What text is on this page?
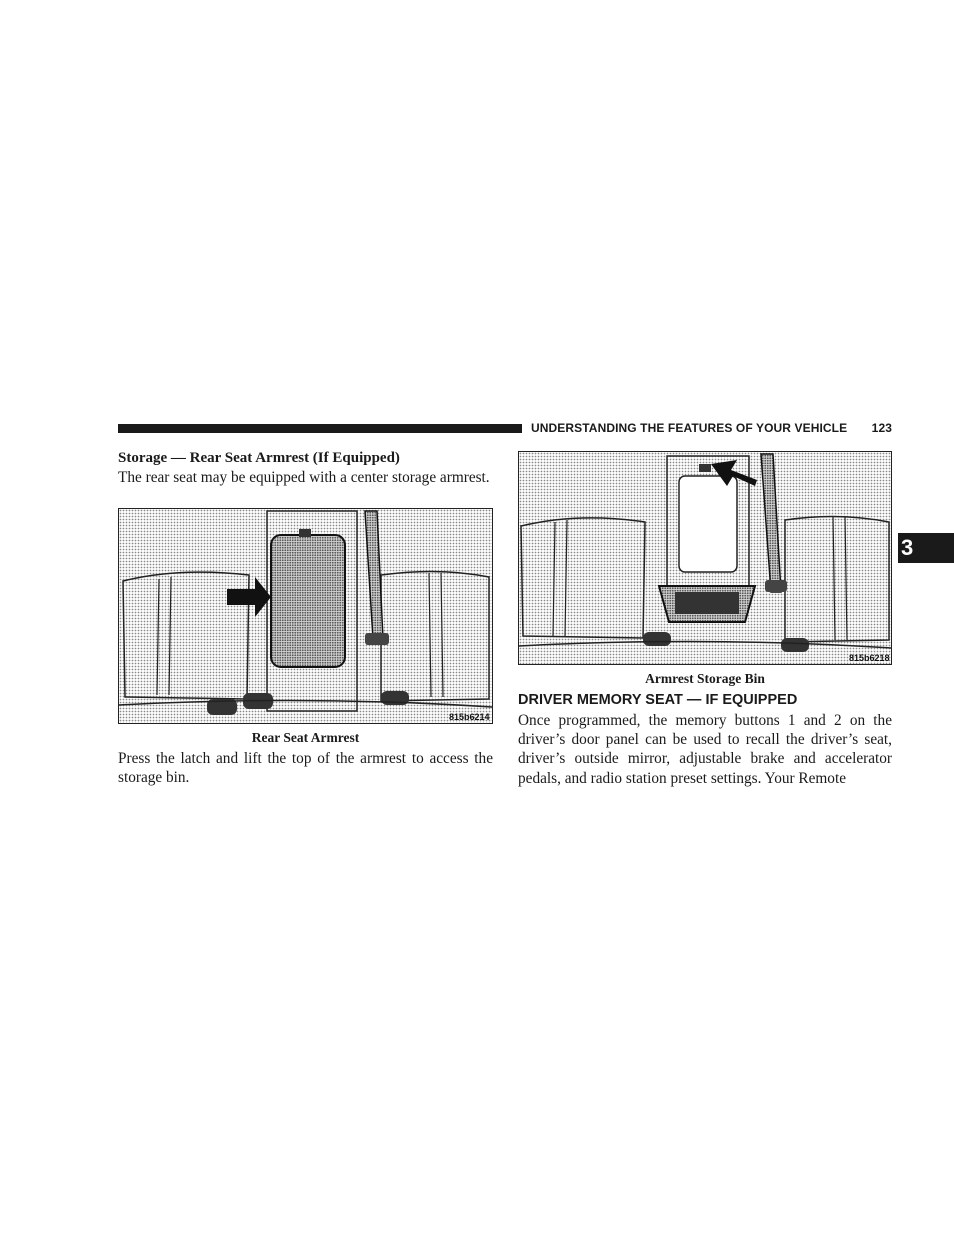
UNDERSTANDING THE FEATURES OF YOUR VEHICLE 123
3
Storage — Rear Seat Armrest (If Equipped)

The rear seat may be equipped with a center storage armrest.

815b6214
Rear Seat Armrest

Press the latch and lift the top of the armrest to access the storage bin.

815b6218
Armrest Storage Bin
DRIVER MEMORY SEAT — IF EQUIPPED

Once programmed, the memory buttons 1 and 2 on the driver’s door panel can be used to recall the driver’s seat, driver’s outside mirror, adjustable brake and accelerator pedals, and radio station preset settings. Your Remote
